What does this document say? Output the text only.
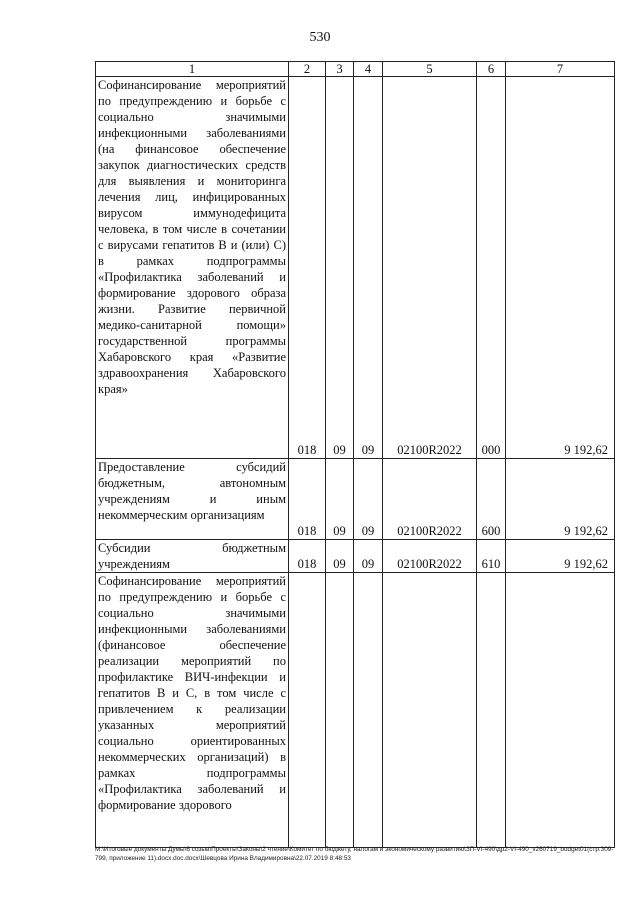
530
1	2	3	4	5	6	7

Софинансирование мероприятий по предупреждению и борьбе с социально значимыми инфекционными заболеваниями (на финансовое обеспечение закупок диагностических средств для выявления и мониторинга лечения лиц, инфицированных вирусом иммунодефицита человека, в том числе в сочетании с вирусами гепатитов В и (или) С) в рамках подпрограммы «Профилактика заболеваний и формирование здорового образа жизни. Развитие первичной медико-санитарной помощи» государственной программы Хабаровского края «Развитие здравоохранения Хабаровского края»	018	09	09	02100R2022	000	9 192,62

Предоставление субсидий бюджетным, автономным учреждениям и иным некоммерческим организациям	018	09	09	02100R2022	600	9 192,62

Субсидии бюджетным учреждениям	018	09	09	02100R2022	610	9 192,62

Софинансирование мероприятий по предупреждению и борьбе с социально значимыми инфекционными заболеваниями (финансовое обеспечение реализации мероприятий по профилактике ВИЧ-инфекции и гепатитов В и С, в том числе с привлечением к реализации указанных мероприятий социально ориентированных некоммерческих организаций) в рамках подпрограммы «Профилактика заболеваний и формирование здорового						

M:\Итоговые документы Думы\6 созыв\Проекты\Законы\2 чтение\Комитет по бюджету, налогам и экономическому развитию\ЗП-VI-490\др2-VI-490_v260719_budget01(стр.309-799, приложение 11).docx.doc.docx\Шевцова Ирина Владимировна\22.07.2019 8:48:53
